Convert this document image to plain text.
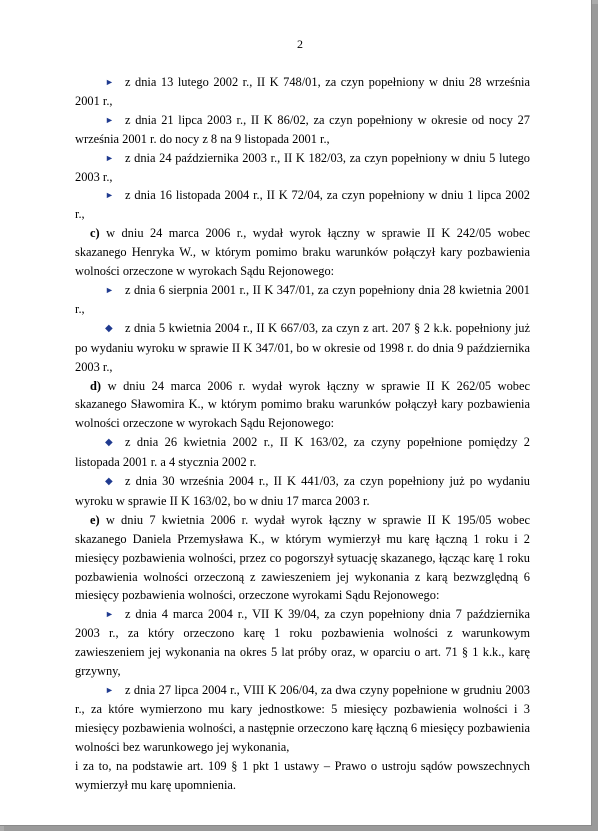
2

► z dnia 13 lutego 2002 r., II K 748/01, za czyn popełniony w dniu 28 września 2001 r.,

► z dnia 21 lipca 2003 r., II K 86/02, za czyn popełniony w okresie od nocy 27 września 2001 r. do nocy z 8 na 9 listopada 2001 r.,

► z dnia 24 października 2003 r., II K 182/03, za czyn popełniony w dniu 5 lutego 2003 r.,

► z dnia 16 listopada 2004 r., II K 72/04, za czyn popełniony w dniu 1 lipca 2002 r.,

c) w dniu 24 marca 2006 r., wydał wyrok łączny w sprawie II K 242/05 wobec skazanego Henryka W., w którym pomimo braku warunków połączył kary pozbawienia wolności orzeczone w wyrokach Sądu Rejonowego:

► z dnia 6 sierpnia 2001 r., II K 347/01, za czyn popełniony dnia 28 kwietnia 2001 r.,

◆ z dnia 5 kwietnia 2004 r., II K 667/03, za czyn z art. 207 § 2 k.k. popełniony już po wydaniu wyroku w sprawie II K 347/01, bo w okresie od 1998 r. do dnia 9 października 2003 r.,

d) w dniu 24 marca 2006 r. wydał wyrok łączny w sprawie II K 262/05 wobec skazanego Sławomira K., w którym pomimo braku warunków połączył kary pozbawienia wolności orzeczone w wyrokach Sądu Rejonowego:

◆ z dnia 26 kwietnia 2002 r., II K 163/02, za czyny popełnione pomiędzy 2 listopada 2001 r. a 4 stycznia 2002 r.

◆ z dnia 30 września 2004 r., II K 441/03, za czyn popełniony już po wydaniu wyroku w sprawie II K 163/02, bo w dniu 17 marca 2003 r.

e) w dniu 7 kwietnia 2006 r. wydał wyrok łączny w sprawie II K 195/05 wobec skazanego Daniela Przemysława K., w którym wymierzył mu karę łączną 1 roku i 2 miesięcy pozbawienia wolności, przez co pogorszył sytuację skazanego, łącząc karę 1 roku pozbawienia wolności orzeczoną z zawieszeniem jej wykonania z karą bezwzględną 6 miesięcy pozbawienia wolności, orzeczone wyrokami Sądu Rejonowego:

► z dnia 4 marca 2004 r., VII K 39/04, za czyn popełniony dnia 7 października 2003 r., za który orzeczono karę 1 roku pozbawienia wolności z warunkowym zawieszeniem jej wykonania na okres 5 lat próby oraz, w oparciu o art. 71 § 1 k.k., karę grzywny,

► z dnia 27 lipca 2004 r., VIII K 206/04, za dwa czyny popełnione w grudniu 2003 r., za które wymierzono mu kary jednostkowe: 5 miesięcy pozbawienia wolności i 3 miesięcy pozbawienia wolności, a następnie orzeczono karę łączną 6 miesięcy pozbawienia wolności bez warunkowego jej wykonania,

i za to, na podstawie art. 109 § 1 pkt 1 ustawy – Prawo o ustroju sądów powszechnych wymierzył mu karę upomnienia.
